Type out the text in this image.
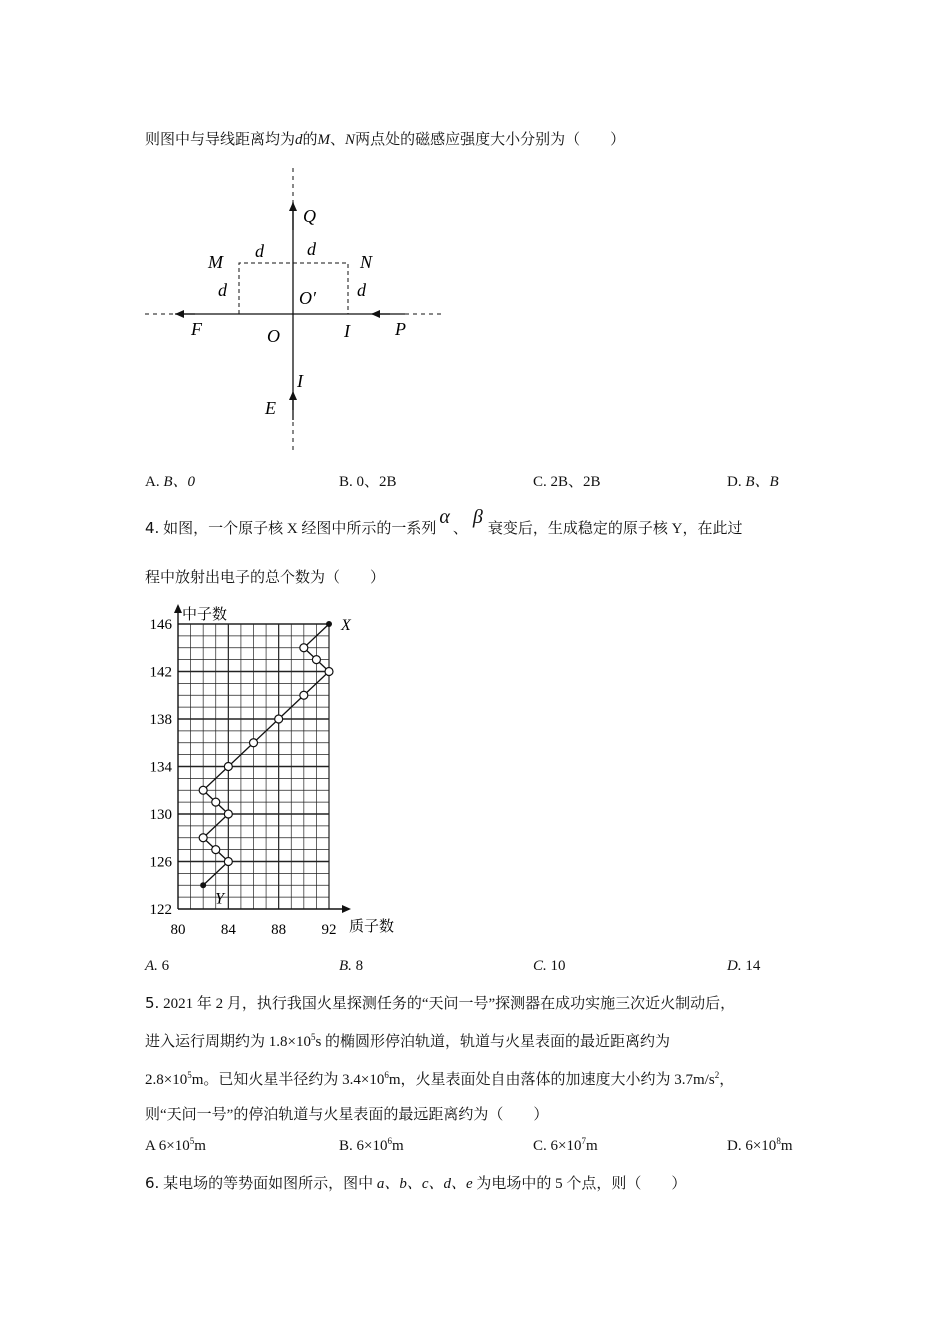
则图中与导线距离均为d的M、N两点处的磁感应强度大小分别为（　　）
Q
d d
M	N
d	O′ d
F	O	I	P
I
E
A. B、0	B. 0、2B	C. 2B、2B	D. B、B
4. 如图，一个原子核 X 经图中所示的一系列α、β衰变后，生成稳定的原子核 Y，在此过
程中放射出电子的总个数为（　　）
122
126
130
134
138
142
146
80 84 88 92
中子数
质子数
X
Y
A. 6	B. 8	C. 10	D. 14
5. 2021 年 2 月，执行我国火星探测任务的“天问一号”探测器在成功实施三次近火制动后，
进入运行周期约为 $1.8\times 10^5s$ 的椭圆形停泊轨道，轨道与火星表面的最近距离约为
$2.8\times 10^5m$。已知火星半径约为 $3.4\times 10^6m$，火星表面处自由落体的加速度大小约为 $3.7m/s^2$，
则“天问一号”的停泊轨道与火星表面的最远距离约为（　　）
A $6\times 10^5m$	B. $6\times 10^6m$	C. $6\times 10^7m$	D. $6\times 10^8m$
6. 某电场的等势面如图所示，图中 a、b、c、d、e 为电场中的 5 个点，则（　　）
